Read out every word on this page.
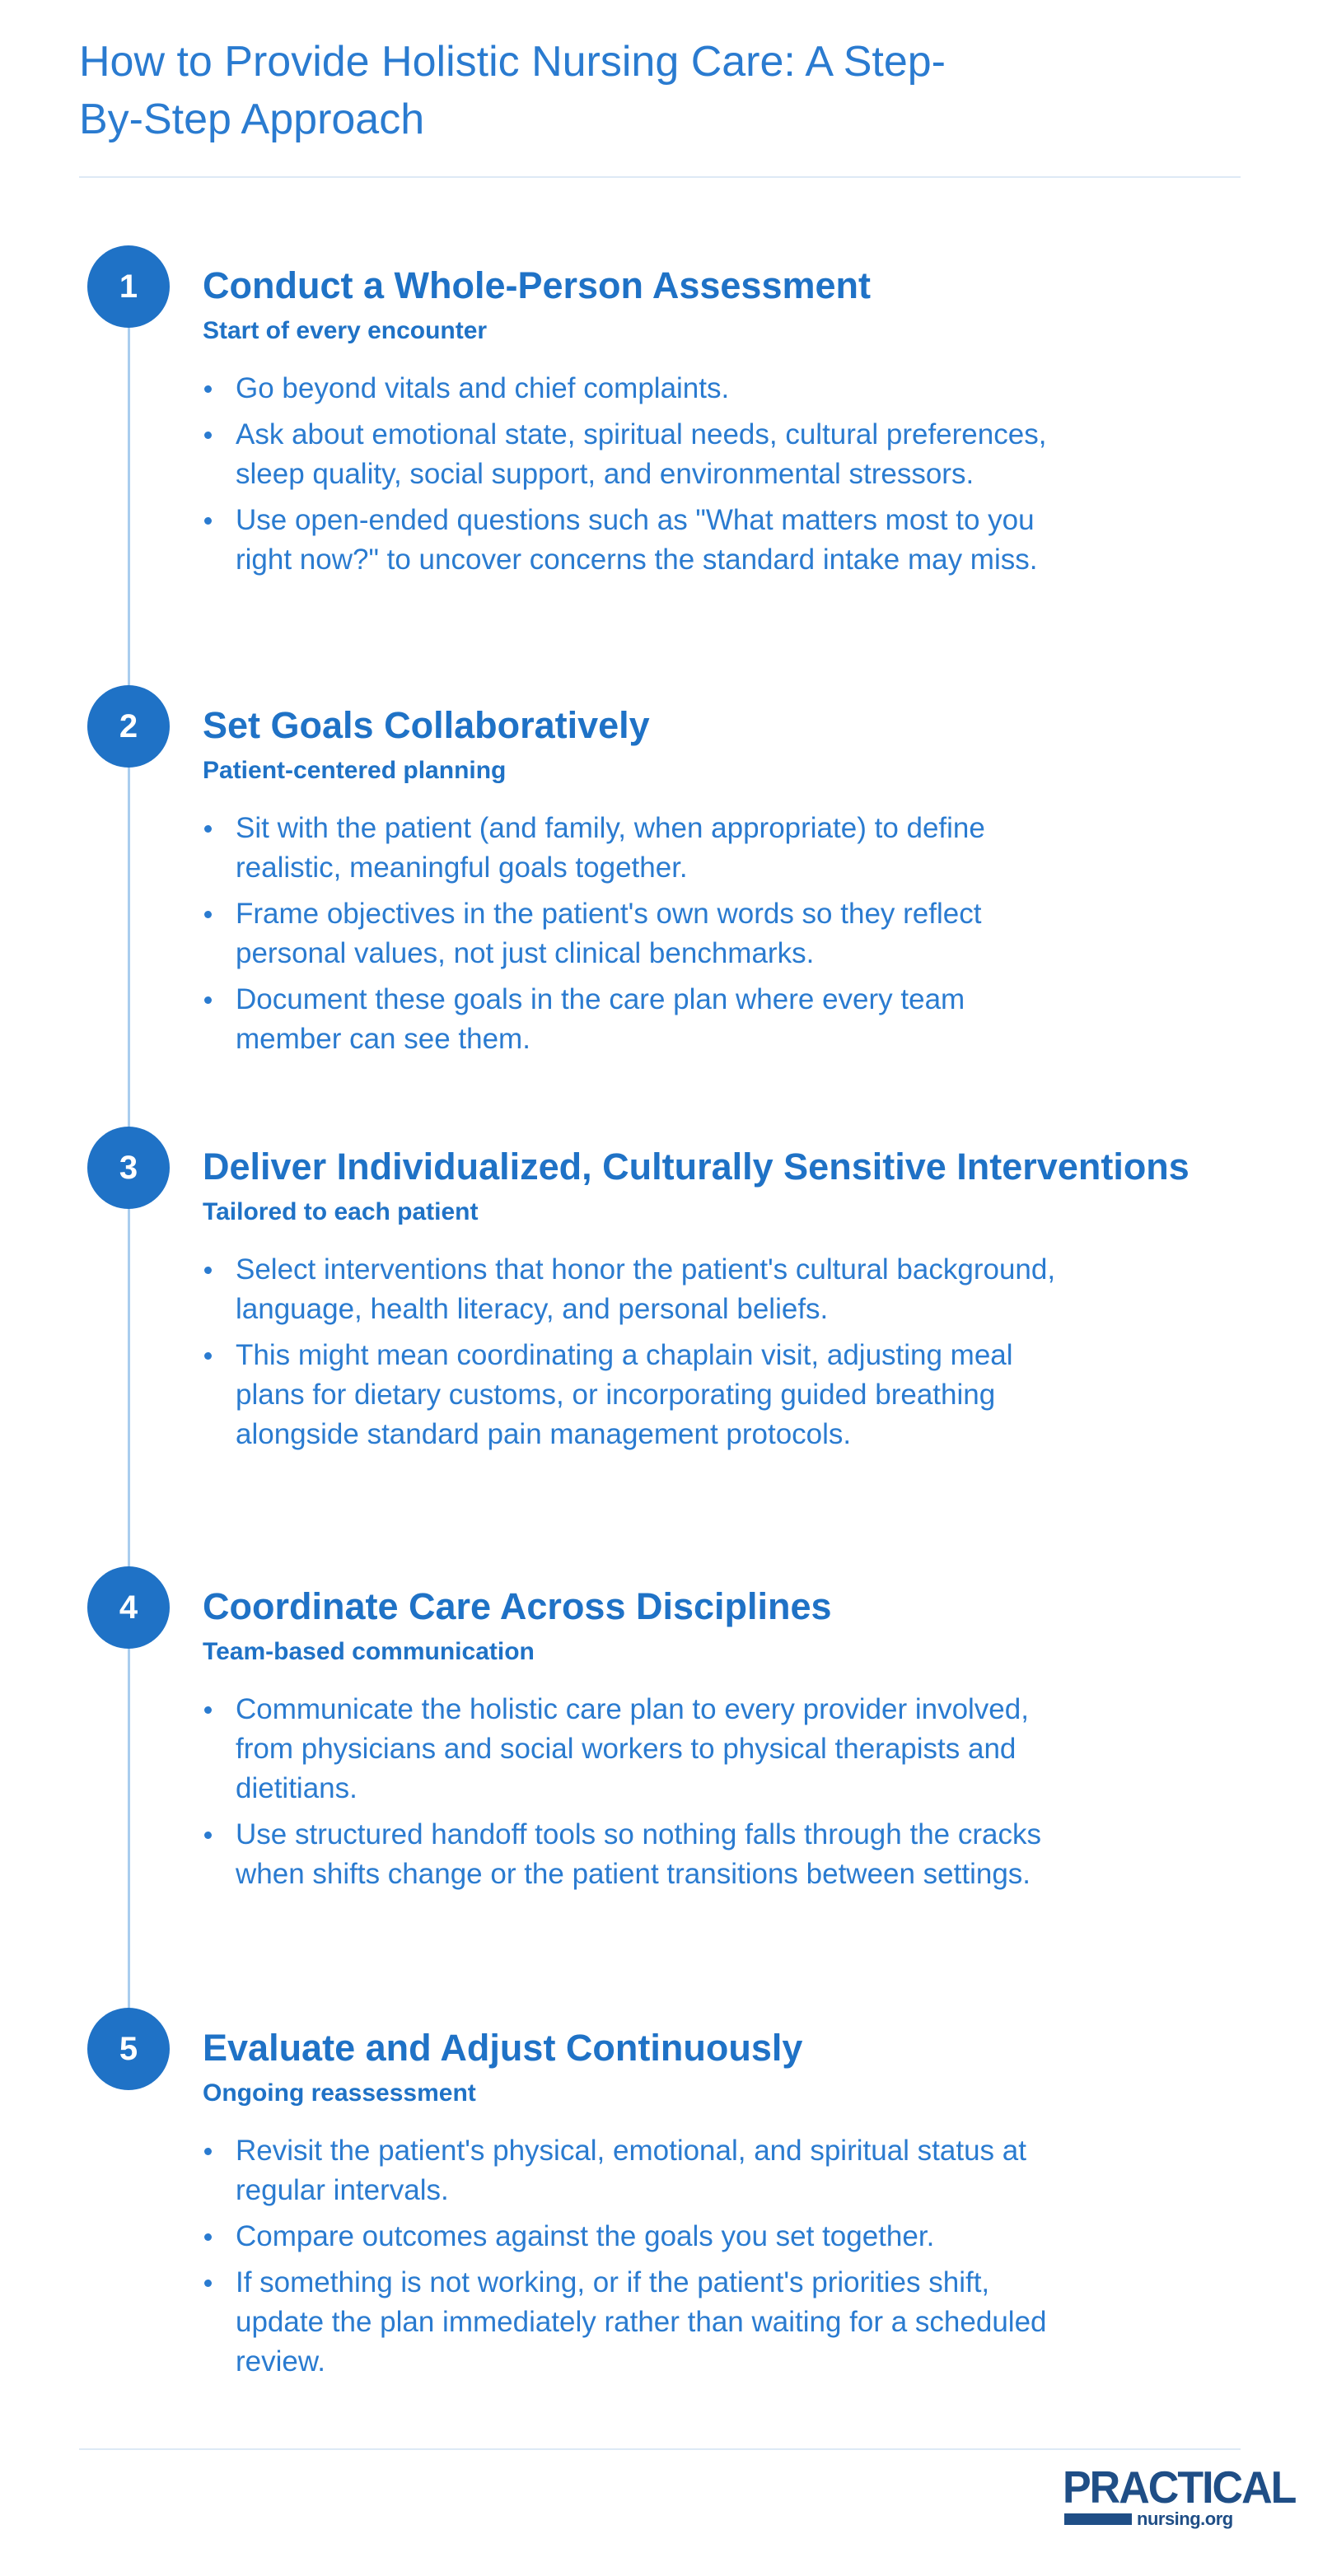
How to Provide Holistic Nursing Care: A Step-By-Step Approach
1	Conduct a Whole-Person Assessment
Start of every encounter
Go beyond vitals and chief complaints.
Ask about emotional state, spiritual needs, cultural preferences, sleep quality, social support, and environmental stressors.
Use open-ended questions such as "What matters most to you right now?" to uncover concerns the standard intake may miss.
2	Set Goals Collaboratively
Patient-centered planning
Sit with the patient (and family, when appropriate) to define realistic, meaningful goals together.
Frame objectives in the patient's own words so they reflect personal values, not just clinical benchmarks.
Document these goals in the care plan where every team member can see them.
3	Deliver Individualized, Culturally Sensitive Interventions
Tailored to each patient
Select interventions that honor the patient's cultural background, language, health literacy, and personal beliefs.
This might mean coordinating a chaplain visit, adjusting meal plans for dietary customs, or incorporating guided breathing alongside standard pain management protocols.
4	Coordinate Care Across Disciplines
Team-based communication
Communicate the holistic care plan to every provider involved, from physicians and social workers to physical therapists and dietitians.
Use structured handoff tools so nothing falls through the cracks when shifts change or the patient transitions between settings.
5	Evaluate and Adjust Continuously
Ongoing reassessment
Revisit the patient's physical, emotional, and spiritual status at regular intervals.
Compare outcomes against the goals you set together.
If something is not working, or if the patient's priorities shift, update the plan immediately rather than waiting for a scheduled review.
PRACTICAL
nursing.org
